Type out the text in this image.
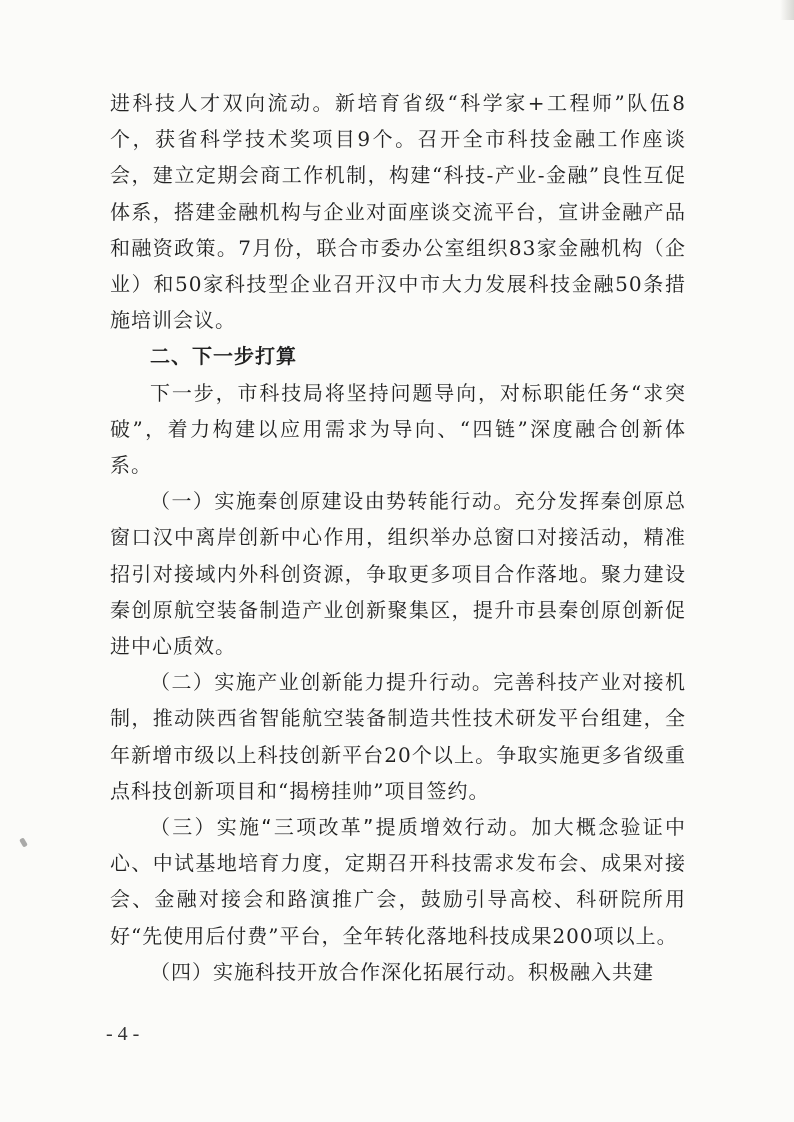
进科技人才双向流动。新培育省级“科学家+工程师”队伍8个，获省科学技术奖项目9个。召开全市科技金融工作座谈会，建立定期会商工作机制，构建“科技-产业-金融”良性互促体系，搭建金融机构与企业对面座谈交流平台，宣讲金融产品和融资政策。7月份，联合市委办公室组织83家金融机构（企业）和50家科技型企业召开汉中市大力发展科技金融50条措施培训会议。

二、下一步打算

下一步，市科技局将坚持问题导向，对标职能任务“求突破”，着力构建以应用需求为导向、“四链”深度融合创新体系。

（一）实施秦创原建设由势转能行动。充分发挥秦创原总窗口汉中离岸创新中心作用，组织举办总窗口对接活动，精准招引对接域内外科创资源，争取更多项目合作落地。聚力建设秦创原航空装备制造产业创新聚集区，提升市县秦创原创新促进中心质效。

（二）实施产业创新能力提升行动。完善科技产业对接机制，推动陕西省智能航空装备制造共性技术研发平台组建，全年新增市级以上科技创新平台20个以上。争取实施更多省级重点科技创新项目和“揭榜挂帅”项目签约。

（三）实施“三项改革”提质增效行动。加大概念验证中心、中试基地培育力度，定期召开科技需求发布会、成果对接会、金融对接会和路演推广会，鼓励引导高校、科研院所用好“先使用后付费”平台，全年转化落地科技成果200项以上。

（四）实施科技开放合作深化拓展行动。积极融入共建

- 4 -
